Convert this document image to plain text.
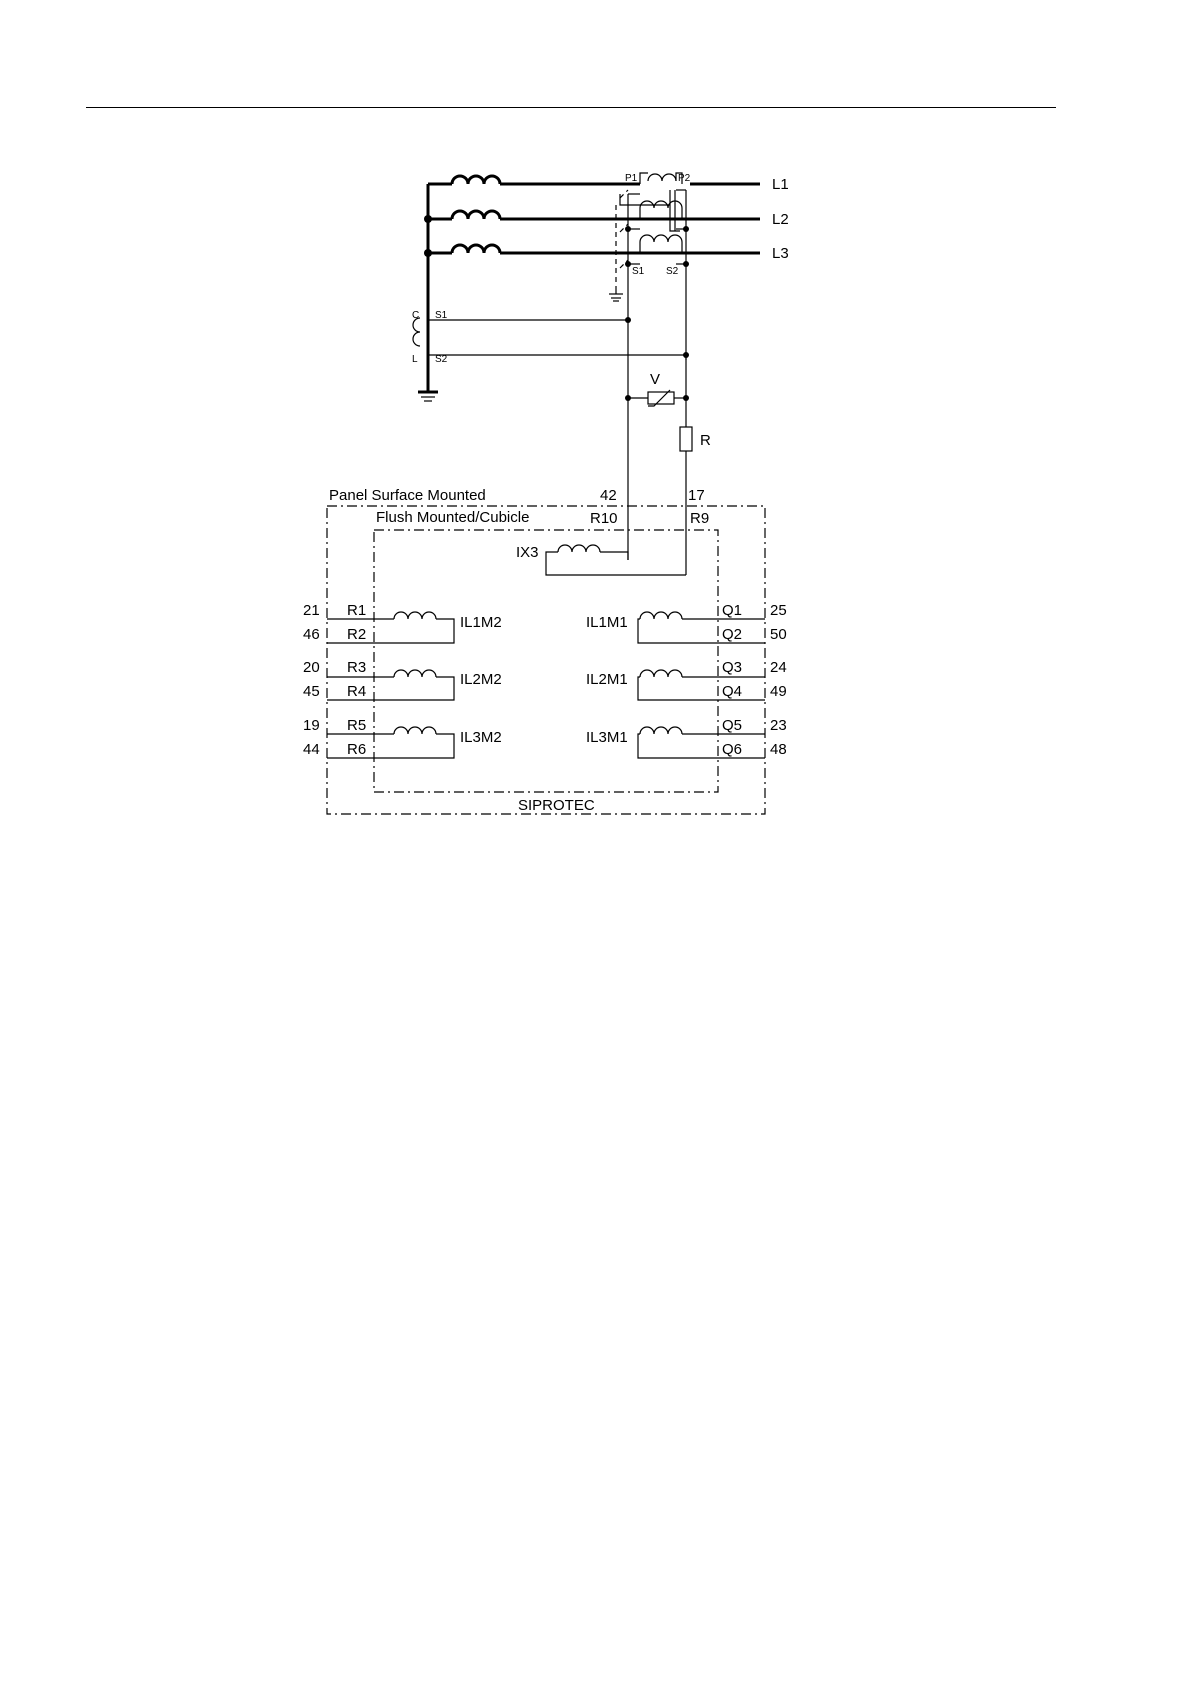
L1
L2
L3
P1	P2
S1 S2
C
L
S1
S2
V
R
Panel Surface Mounted
Flush Mounted/Cubicle
SIPROTEC
IX3
42	17
R10	R9
IL1M2
IL2M2
IL3M2
R1
R2
R3
R4
R5
R6
21
46
20
45
19
44
IL1M1
IL2M1
IL3M1
Q1
Q2
Q3
Q4
Q5
Q6
25
50
24
49
23
48
